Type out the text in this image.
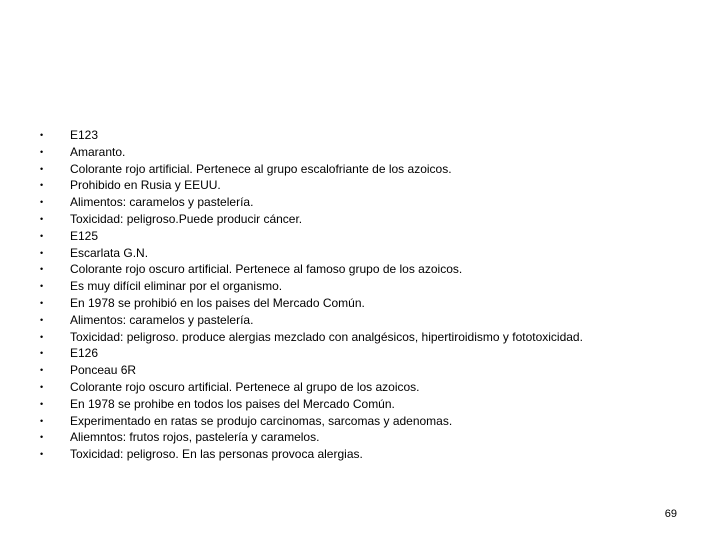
•	E123
•	Amaranto.
•	Colorante rojo artificial. Pertenece al grupo escalofriante de los azoicos.
•	Prohibido en Rusia y EEUU.
•	Alimentos: caramelos y pastelería.
•	Toxicidad: peligroso.Puede producir cáncer.
•	E125
•	Escarlata G.N.
•	Colorante rojo oscuro artificial. Pertenece al famoso grupo de los azoicos.
•	Es muy difícil eliminar por el organismo.
•	En 1978 se prohibió en los paises del Mercado Común.
•	Alimentos: caramelos y pastelería.
•	Toxicidad: peligroso. produce alergias mezclado con analgésicos, hipertiroidismo y fototoxicidad.
•	E126
•	Ponceau 6R
•	Colorante rojo oscuro artificial. Pertenece al grupo de los azoicos.
•	En 1978 se prohibe en todos los paises del Mercado Común.
•	Experimentado en ratas se produjo carcinomas, sarcomas y adenomas.
•	Aliemntos: frutos rojos, pastelería y caramelos.
•	Toxicidad: peligroso. En las personas provoca alergias.
69
